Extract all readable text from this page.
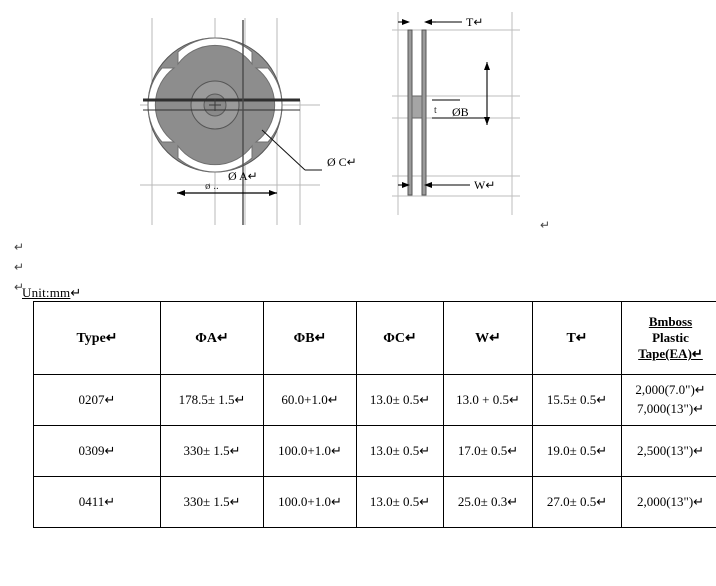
Ø C↵
ø ..
Ø A↵
T↵
t ØB
W↵
↵
↵
↵
↵
Unit:mm↵
Type↵	ΦA↵	ΦB↵	ΦC↵	W↵	T↵	Bmboss
Plastic
Tape(EA)↵

0207↵	178.5± 1.5↵	60.0+1.0↵	13.0± 0.5↵	13.0 + 0.5↵	15.5± 0.5↵	2,000(7.0")↵
7,000(13")↵

0309↵	330± 1.5↵	100.0+1.0↵	13.0± 0.5↵	17.0± 0.5↵	19.0± 0.5↵	2,500(13")↵

0411↵	330± 1.5↵	100.0+1.0↵	13.0± 0.5↵	25.0± 0.3↵	27.0± 0.5↵	2,000(13")↵
